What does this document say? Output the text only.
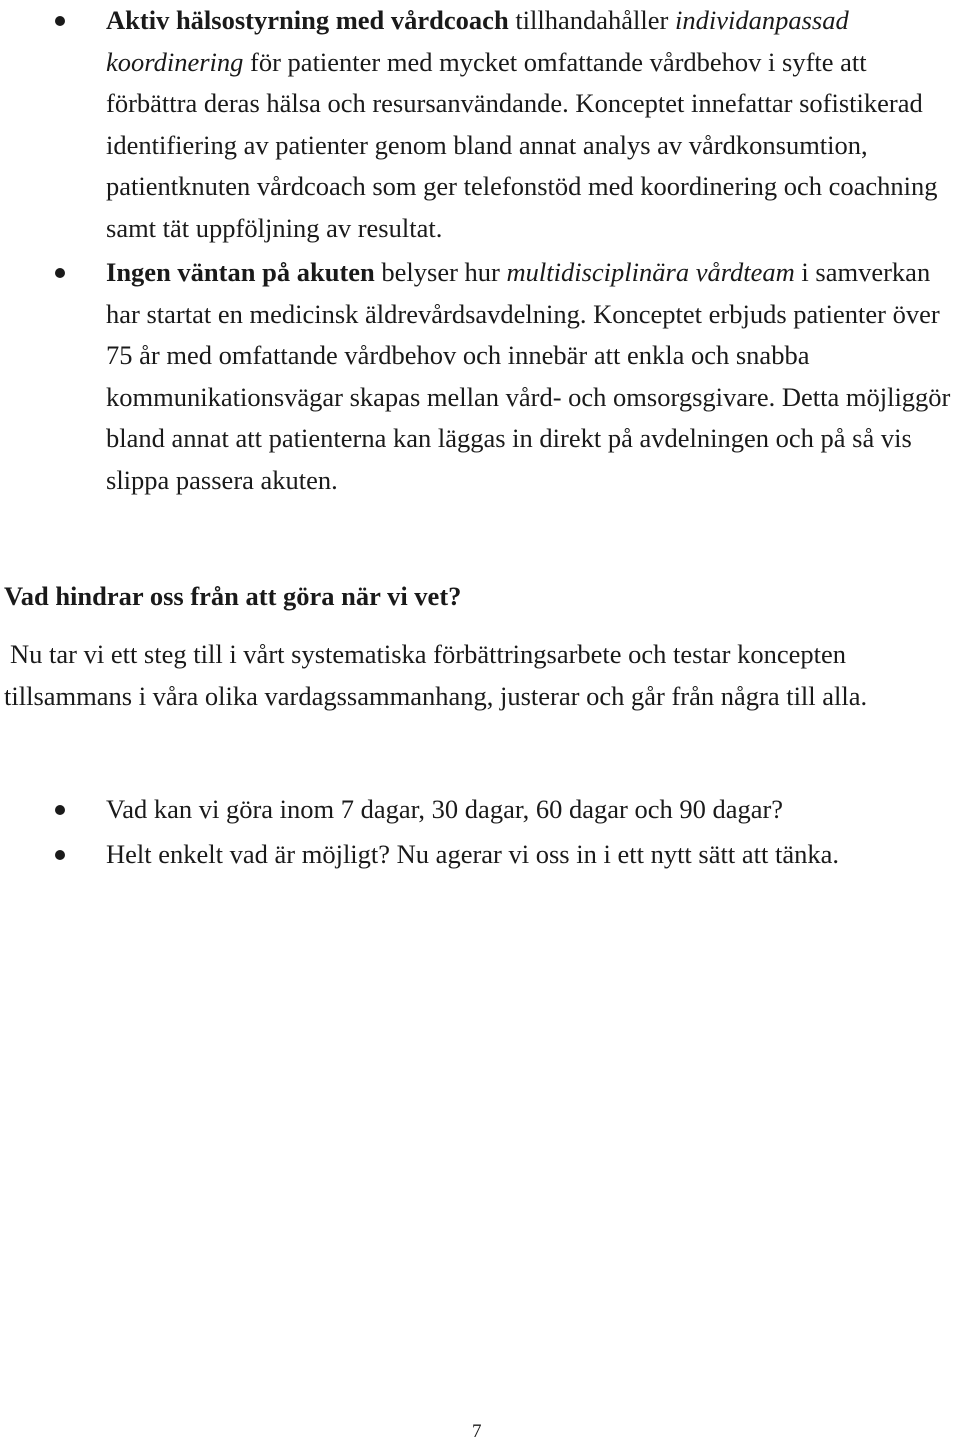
Aktiv hälsostyrning med vårdcoach tillhandahåller individanpassad koordinering för patienter med mycket omfattande vårdbehov i syfte att förbättra deras hälsa och resursanvändande. Konceptet innefattar sofistikerad identifiering av patienter genom bland annat analys av vårdkonsumtion, patientknuten vårdcoach som ger telefonstöd med koordinering och coachning samt tät uppföljning av resultat.
Ingen väntan på akuten belyser hur multidisciplinära vårdteam i samverkan har startat en medicinsk äldrevårdsavdelning. Konceptet erbjuds patienter över 75 år med omfattande vårdbehov och innebär att enkla och snabba kommunikationsvägar skapas mellan vård- och omsorgsgivare. Detta möjliggör bland annat att patienterna kan läggas in direkt på avdelningen och på så vis slippa passera akuten.
Vad hindrar oss från att göra när vi vet?

Nu tar vi ett steg till i vårt systematiska förbättringsarbete och testar koncepten tillsammans i våra olika vardagssammanhang, justerar och går från några till alla.

Vad kan vi göra inom 7 dagar, 30 dagar, 60 dagar och 90 dagar?
Helt enkelt vad är möjligt? Nu agerar vi oss in i ett nytt sätt att tänka.
7
